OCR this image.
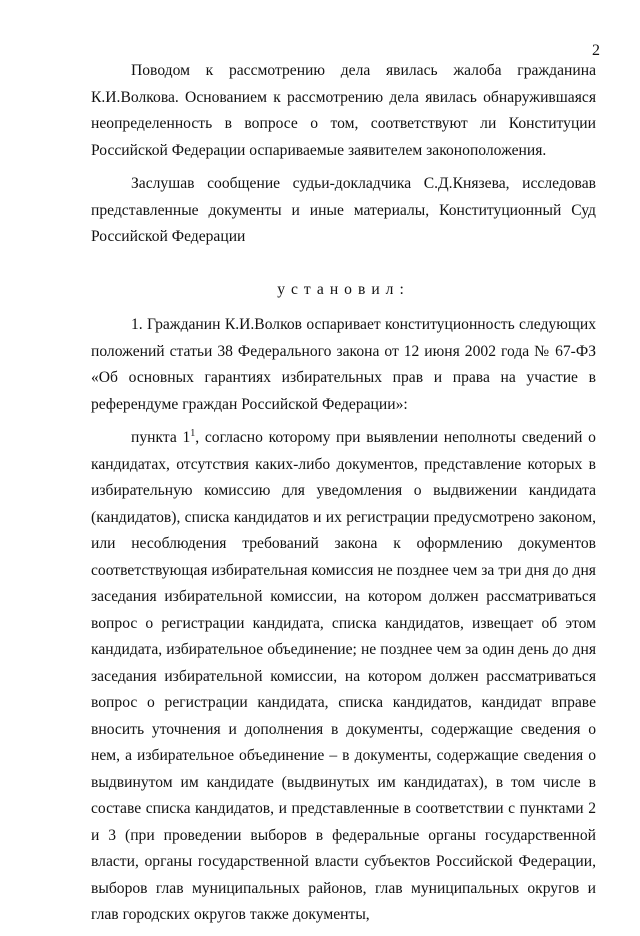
2

Поводом к рассмотрению дела явилась жалоба гражданина К.И.Волкова. Основанием к рассмотрению дела явилась обнаружившаяся неопределенность в вопросе о том, соответствуют ли Конституции Российской Федерации оспариваемые заявителем законоположения.

Заслушав сообщение судьи-докладчика С.Д.Князева, исследовав представленные документы и иные материалы, Конституционный Суд Российской Федерации

установил:

1. Гражданин К.И.Волков оспаривает конституционность следующих положений статьи 38 Федерального закона от 12 июня 2002 года № 67-ФЗ «Об основных гарантиях избирательных прав и права на участие в референдуме граждан Российской Федерации»:

пункта $1^1$, согласно которому при выявлении неполноты сведений о кандидатах, отсутствия каких-либо документов, представление которых в избирательную комиссию для уведомления о выдвижении кандидата (кандидатов), списка кандидатов и их регистрации предусмотрено законом, или несоблюдения требований закона к оформлению документов соответствующая избирательная комиссия не позднее чем за три дня до дня заседания избирательной комиссии, на котором должен рассматриваться вопрос о регистрации кандидата, списка кандидатов, извещает об этом кандидата, избирательное объединение; не позднее чем за один день до дня заседания избирательной комиссии, на котором должен рассматриваться вопрос о регистрации кандидата, списка кандидатов, кандидат вправе вносить уточнения и дополнения в документы, содержащие сведения о нем, а избирательное объединение – в документы, содержащие сведения о выдвинутом им кандидате (выдвинутых им кандидатах), в том числе в составе списка кандидатов, и представленные в соответствии с пунктами 2 и 3 (при проведении выборов в федеральные органы государственной власти, органы государственной власти субъектов Российской Федерации, выборов глав муниципальных районов, глав муниципальных округов и глав городских округов также документы,
